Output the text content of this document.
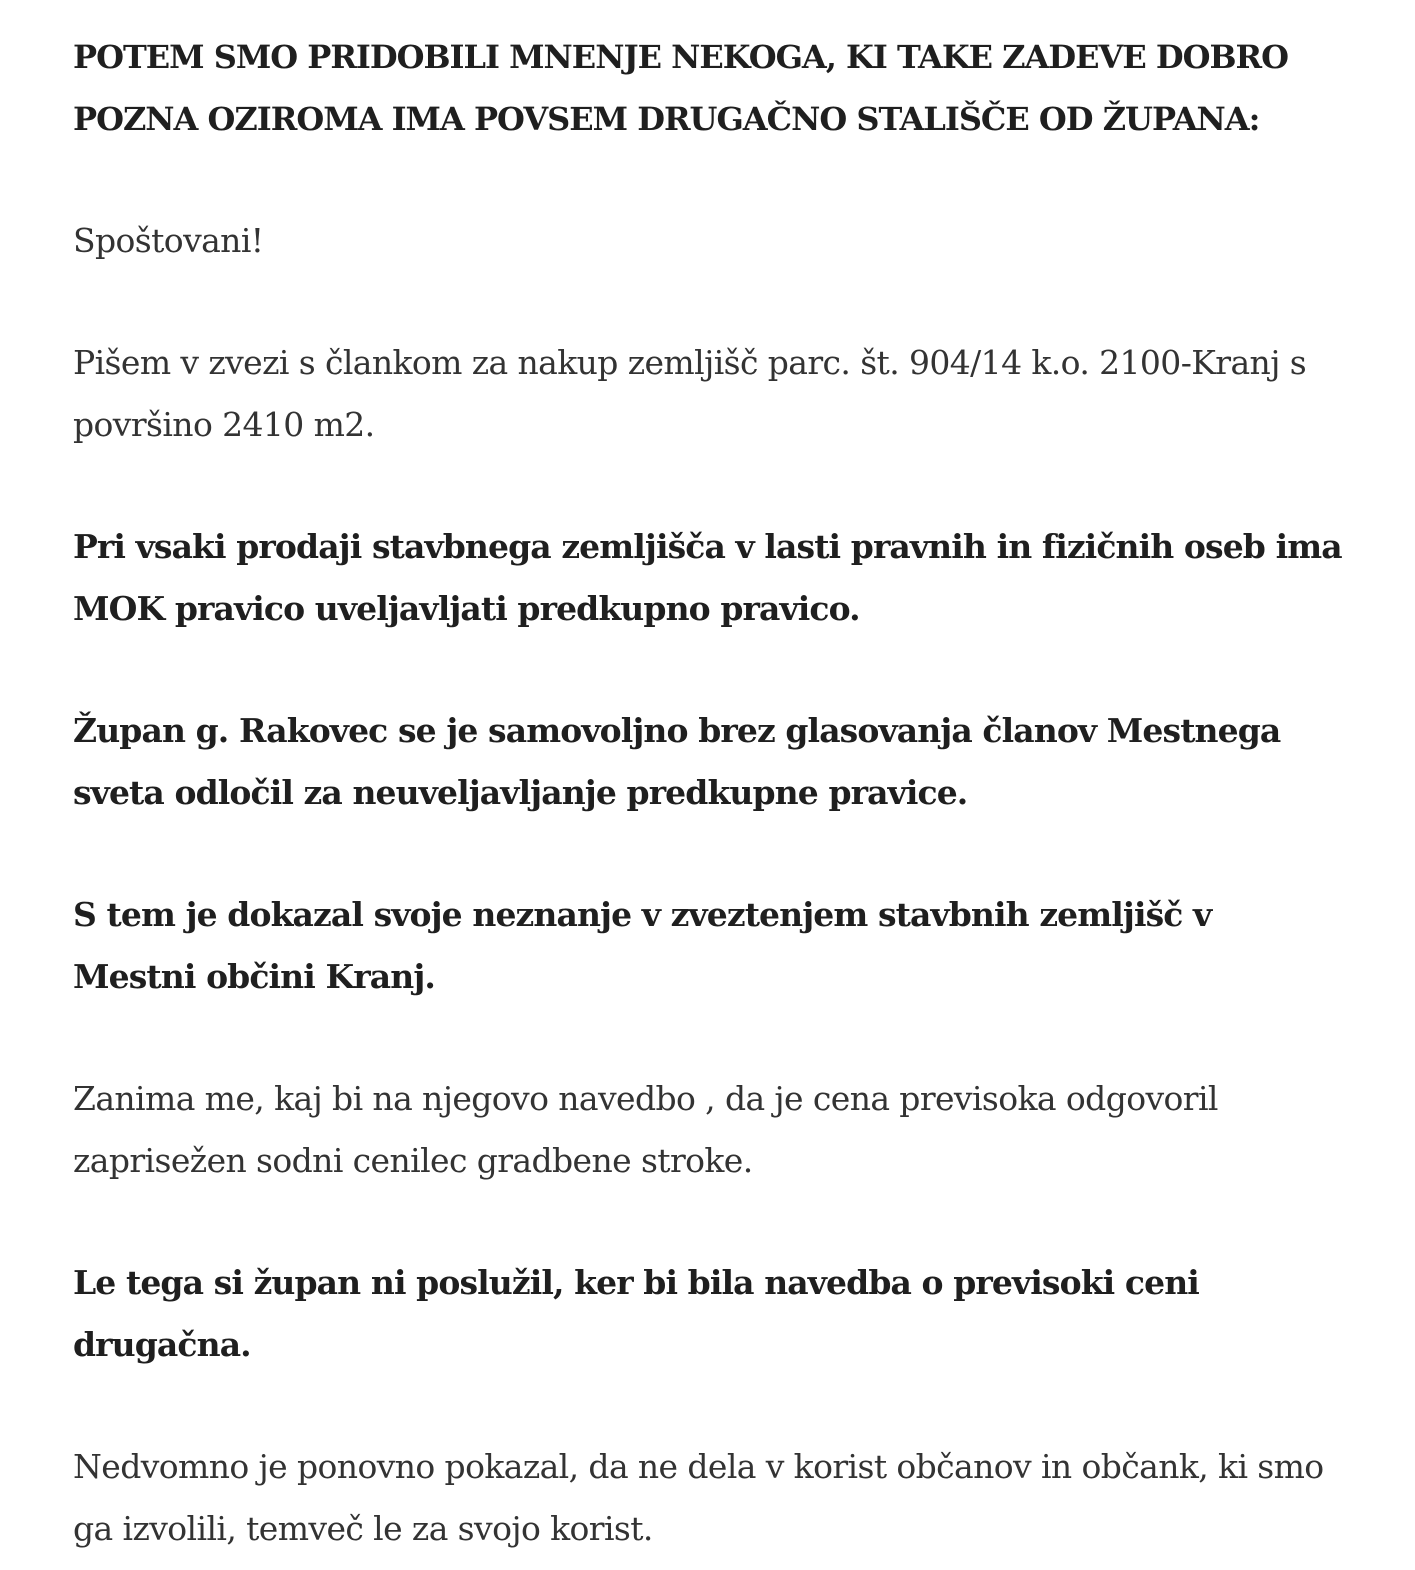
POTEM SMO PRIDOBILI MNENJE NEKOGA, KI TAKE ZADEVE DOBRO POZNA OZIROMA IMA POVSEM DRUGAČNO STALIŠČE OD ŽUPANA:

Spoštovani!

Pišem v zvezi s člankom za nakup zemljišč parc. št. 904/14 k.o. 2100-Kranj s površino 2410 m2.

Pri vsaki prodaji stavbnega zemljišča v lasti pravnih in fizičnih oseb ima MOK pravico uveljavljati predkupno pravico.

Župan g. Rakovec se je samovoljno brez glasovanja članov Mestnega sveta odločil za neuveljavljanje predkupne pravice.

S tem je dokazal svoje neznanje v zveztenjem stavbnih zemljišč v Mestni občini Kranj.

Zanima me, kaj bi na njegovo navedbo , da je cena previsoka odgovoril zaprisežen sodni cenilec gradbene stroke.

Le tega si župan ni poslužil, ker bi bila navedba o previsoki ceni drugačna.

Nedvomno je ponovno pokazal, da ne dela v korist občanov in občank, ki smo ga izvolili, temveč le za svojo korist.
